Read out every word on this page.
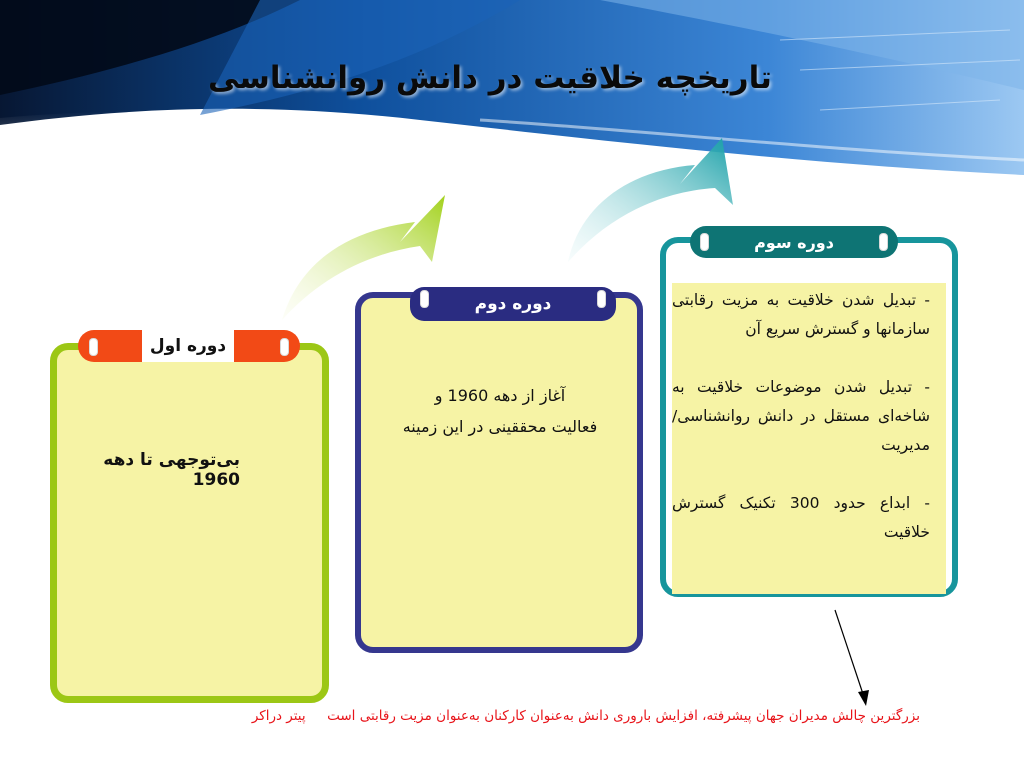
تاریخچه خلاقیت در دانش روانشناسی
دوره اول
بی‌توجهی تا دهه 1960
دوره دوم
آغاز از دهه 1960 و
فعالیت محققینی در این زمینه
دوره سوم

- تبدیل شدن خلاقیت به مزیت رقابتی سازمانها و گسترش سریع آن

- تبدیل شدن موضوعات خلاقیت به شاخه‌ای مستقل در دانش روانشناسی/مدیریت

- ابداع حدود 300 تکنیک گسترش خلاقیت

بزرگترین چالش مدیران جهان پیشرفته، افزایش باروری دانش به‌عنوان کارکنان به‌عنوان مزیت رقابتی است     پیتر دراکر
